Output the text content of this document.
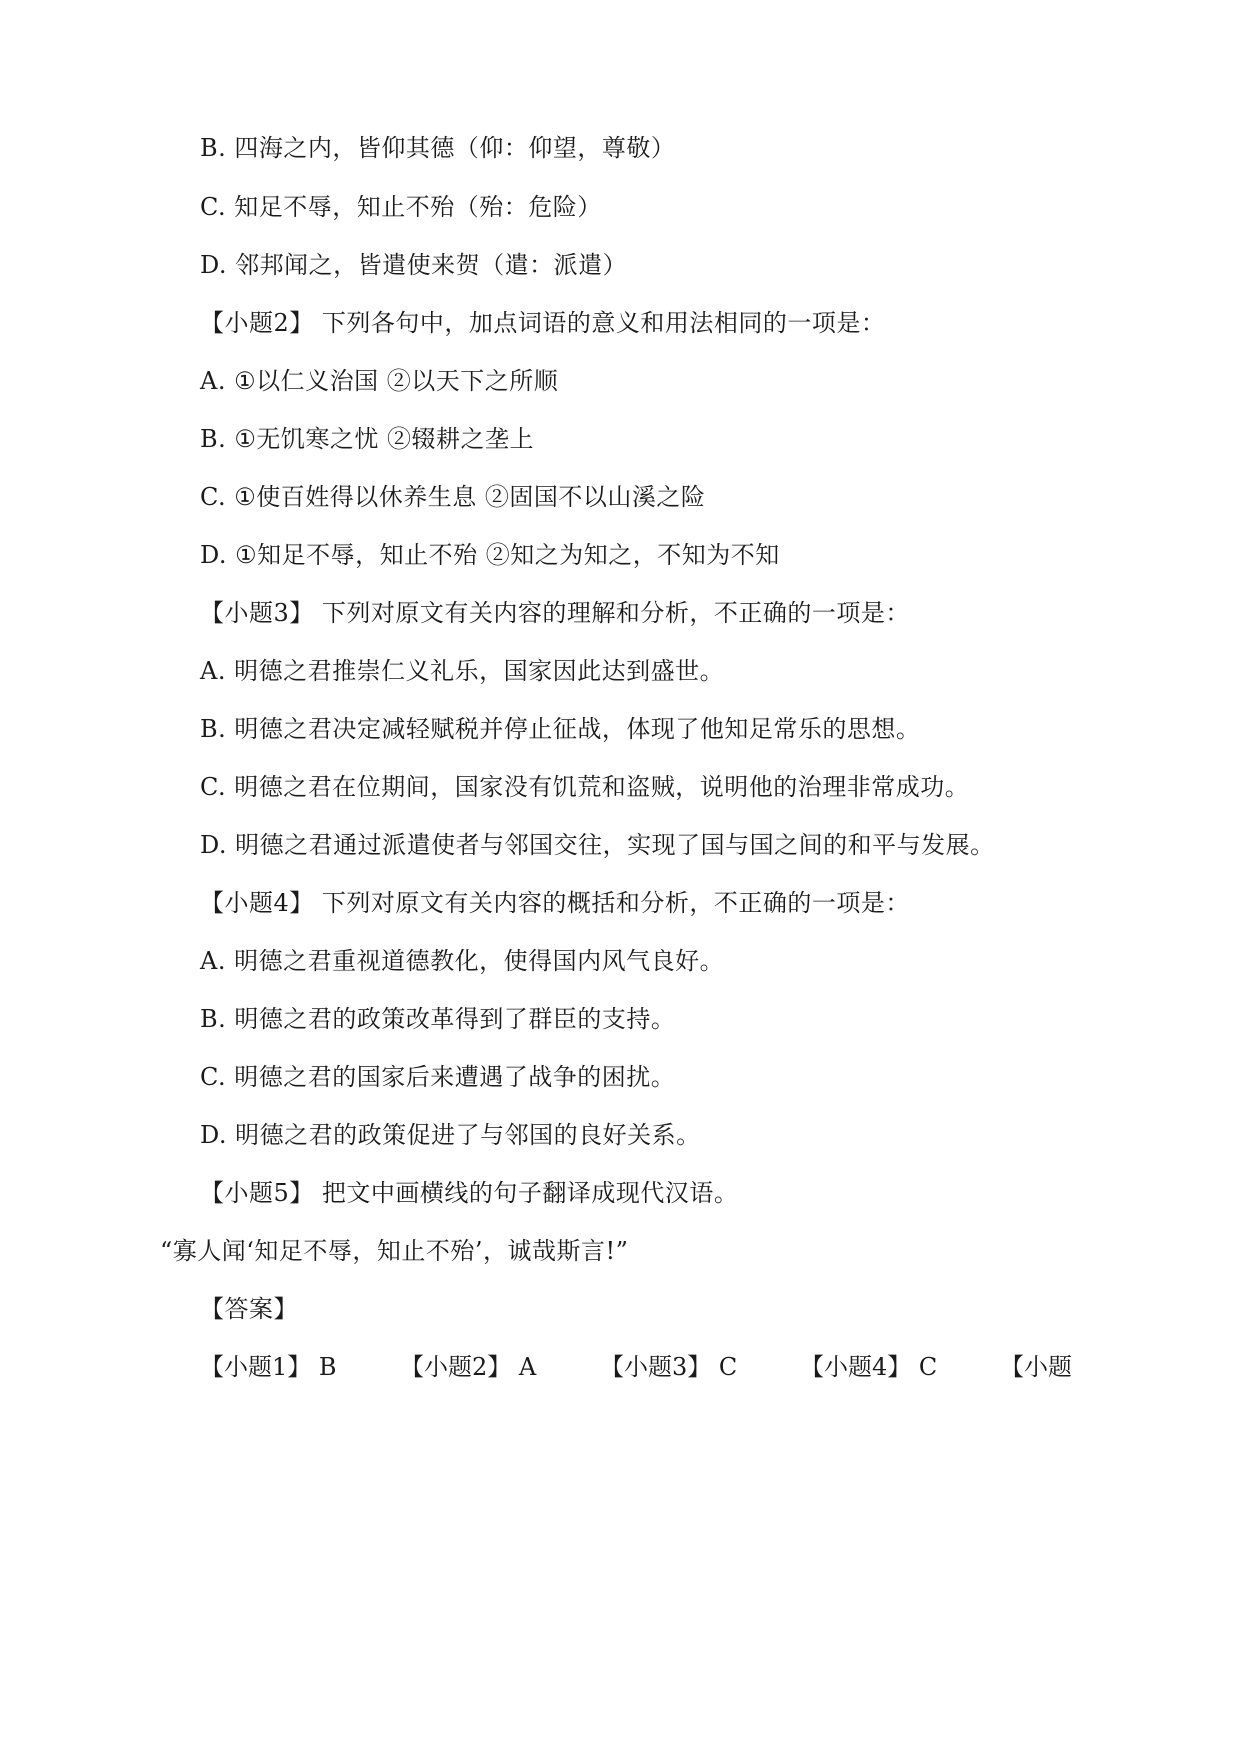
B. 四海之内，皆仰其德（仰：仰望，尊敬）
C. 知足不辱，知止不殆（殆：危险）
D. 邻邦闻之，皆遣使来贺（遣：派遣）
【小题2】 下列各句中，加点词语的意义和用法相同的一项是：
A. ①以仁义治国 ②以天下之所顺
B. ①无饥寒之忧 ②辍耕之垄上
C. ①使百姓得以休养生息 ②固国不以山溪之险
D. ①知足不辱，知止不殆 ②知之为知之，不知为不知
【小题3】 下列对原文有关内容的理解和分析，不正确的一项是：
A. 明德之君推崇仁义礼乐，国家因此达到盛世。
B. 明德之君决定减轻赋税并停止征战，体现了他知足常乐的思想。
C. 明德之君在位期间，国家没有饥荒和盗贼，说明他的治理非常成功。
D. 明德之君通过派遣使者与邻国交往，实现了国与国之间的和平与发展。
【小题4】 下列对原文有关内容的概括和分析，不正确的一项是：
A. 明德之君重视道德教化，使得国内风气良好。
B. 明德之君的政策改革得到了群臣的支持。
C. 明德之君的国家后来遭遇了战争的困扰。
D. 明德之君的政策促进了与邻国的良好关系。
【小题5】 把文中画横线的句子翻译成现代汉语。
“寡人闻‘知足不辱，知止不殆’，诚哉斯言!”
【答案】
【小题1】 B	【小题2】 A	【小题3】 C	【小题4】 C	【小题
